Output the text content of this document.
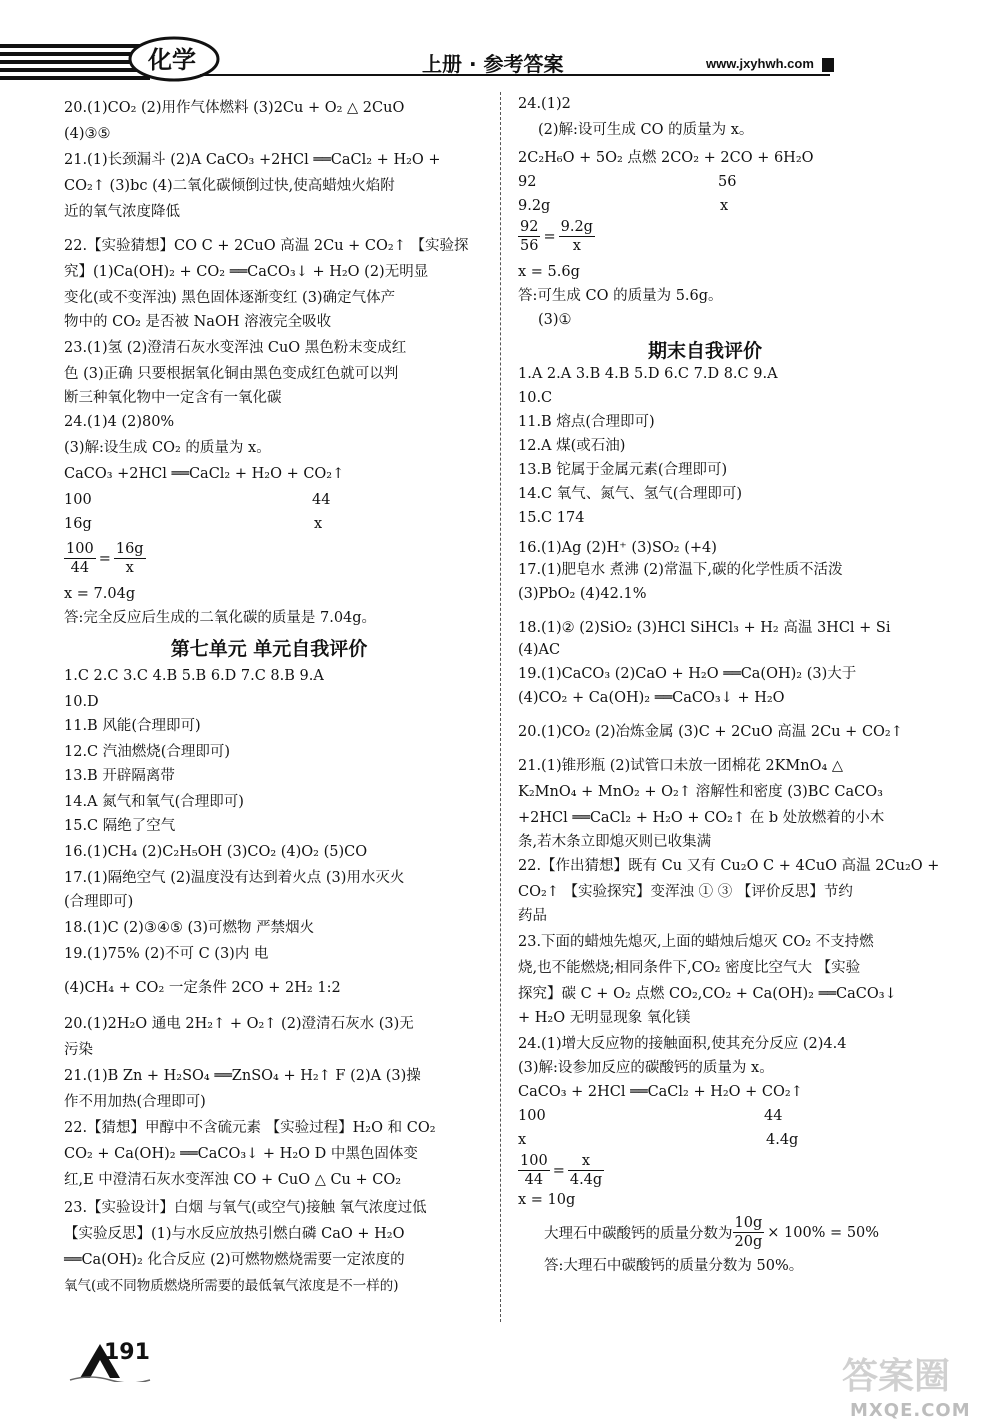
化学	上册 · 参考答案	www.jxyhwh.com
20.(1)CO₂ (2)用作气体燃料 (3)2Cu + O₂ △ 2CuO
(4)③⑤
21.(1)长颈漏斗 (2)A CaCO₃ +2HCl ══CaCl₂ + H₂O +
CO₂↑ (3)bc (4)二氧化碳倾倒过快,使高蜡烛火焰附
近的氧气浓度降低
22.【实验猜想】CO C + 2CuO 高温 2Cu + CO₂↑ 【实验探
究】(1)Ca(OH)₂ + CO₂ ══CaCO₃↓ + H₂O (2)无明显
变化(或不变浑浊) 黑色固体逐渐变红 (3)确定气体产
物中的 CO₂ 是否被 NaOH 溶液完全吸收
23.(1)氢 (2)澄清石灰水变浑浊 CuO 黑色粉末变成红
色 (3)正确 只要根据氧化铜由黑色变成红色就可以判
断三种氧化物中一定含有一氧化碳
24.(1)4 (2)80%
(3)解:设生成 CO₂ 的质量为 x。
CaCO₃ +2HCl ══CaCl₂ + H₂O + CO₂↑
100	44
16g	x
$\frac{100}{44} = \frac{16g}{x}$
x = 7.04g
答:完全反应后生成的二氧化碳的质量是 7.04g。
第七单元 单元自我评价
1.C 2.C 3.C 4.B 5.B 6.D 7.C 8.B 9.A
10.D
11.B 风能(合理即可)
12.C 汽油燃烧(合理即可)
13.B 开辟隔离带
14.A 氮气和氧气(合理即可)
15.C 隔绝了空气
16.(1)CH₄ (2)C₂H₅OH (3)CO₂ (4)O₂ (5)CO
17.(1)隔绝空气 (2)温度没有达到着火点 (3)用水灭火
(合理即可)
18.(1)C (2)③④⑤ (3)可燃物 严禁烟火
19.(1)75% (2)不可 C (3)内 电
(4)CH₄ + CO₂ 一定条件 2CO + 2H₂ 1:2
20.(1)2H₂O 通电 2H₂↑ + O₂↑ (2)澄清石灰水 (3)无
污染
21.(1)B Zn + H₂SO₄ ══ZnSO₄ + H₂↑ F (2)A (3)操
作不用加热(合理即可)
22.【猜想】甲醇中不含硫元素 【实验过程】H₂O 和 CO₂
CO₂ + Ca(OH)₂ ══CaCO₃↓ + H₂O D 中黑色固体变
红,E 中澄清石灰水变浑浊 CO + CuO △ Cu + CO₂
23.【实验设计】白烟 与氧气(或空气)接触 氧气浓度过低
【实验反思】(1)与水反应放热引燃白磷 CaO + H₂O
══Ca(OH)₂ 化合反应 (2)可燃物燃烧需要一定浓度的
氧气(或不同物质燃烧所需要的最低氧气浓度是不一样的)
24.(1)2
(2)解:设可生成 CO 的质量为 x。
2C₂H₆O + 5O₂ 点燃 2CO₂ + 2CO + 6H₂O
92	56
9.2g	x
$\frac{92}{56} = \frac{9.2g}{x}$
x = 5.6g
答:可生成 CO 的质量为 5.6g。
(3)①
期末自我评价
1.A 2.A 3.B 4.B 5.D 6.C 7.D 8.C 9.A
10.C
11.B 熔点(合理即可)
12.A 煤(或石油)
13.B 铊属于金属元素(合理即可)
14.C 氧气、氮气、氢气(合理即可)
15.C 174
16.(1)Ag (2)H⁺ (3)SO₂ (+4)
17.(1)肥皂水 煮沸 (2)常温下,碳的化学性质不活泼
(3)PbO₂ (4)42.1%
18.(1)② (2)SiO₂ (3)HCl SiHCl₃ + H₂ 高温 3HCl + Si
(4)AC
19.(1)CaCO₃ (2)CaO + H₂O ══Ca(OH)₂ (3)大于
(4)CO₂ + Ca(OH)₂ ══CaCO₃↓ + H₂O
20.(1)CO₂ (2)冶炼金属 (3)C + 2CuO 高温 2Cu + CO₂↑
21.(1)锥形瓶 (2)试管口未放一团棉花 2KMnO₄ △
K₂MnO₄ + MnO₂ + O₂↑ 溶解性和密度 (3)BC CaCO₃
+2HCl ══CaCl₂ + H₂O + CO₂↑ 在 b 处放燃着的小木
条,若木条立即熄灭则已收集满
22.【作出猜想】既有 Cu 又有 Cu₂O C + 4CuO 高温 2Cu₂O +
CO₂↑ 【实验探究】变浑浊 ① ③ 【评价反思】节约
药品
23.下面的蜡烛先熄灭,上面的蜡烛后熄灭 CO₂ 不支持燃
烧,也不能燃烧;相同条件下,CO₂ 密度比空气大 【实验
探究】碳 C + O₂ 点燃 CO₂,CO₂ + Ca(OH)₂ ══CaCO₃↓
+ H₂O 无明显现象 氧化镁
24.(1)增大反应物的接触面积,使其充分反应 (2)4.4
(3)解:设参加反应的碳酸钙的质量为 x。
CaCO₃ + 2HCl ══CaCl₂ + H₂O + CO₂↑
100	44
x	4.4g
$\frac{100}{44} = \frac{x}{4.4g}$
x = 10g
大理石中碳酸钙的质量分数为 $\frac{10g}{20g} \times 100\% = 50\%$
答:大理石中碳酸钙的质量分数为 50%。
191
答案圈
MXQE.COM
